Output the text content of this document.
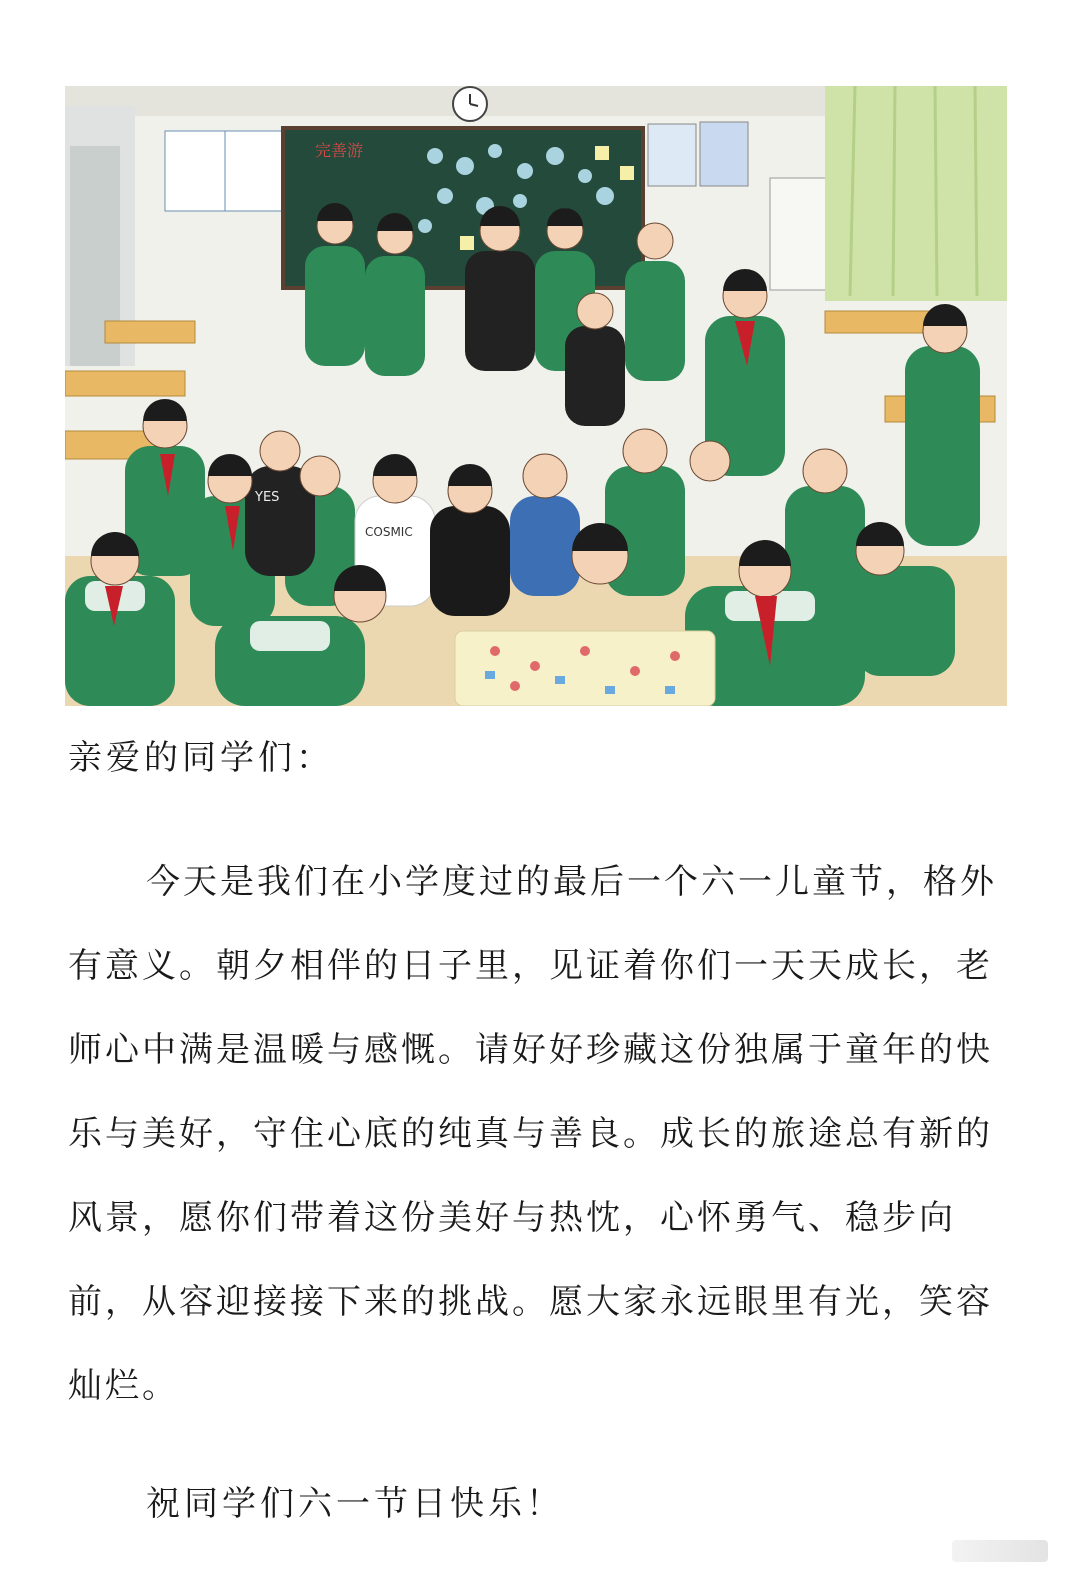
完善游
COSMIC
YES

亲爱的同学们：

今天是我们在小学度过的最后一个六一儿童节，格外有意义。朝夕相伴的日子里，见证着你们一天天成长，老师心中满是温暖与感慨。请好好珍藏这份独属于童年的快乐与美好，守住心底的纯真与善良。成长的旅途总有新的风景，愿你们带着这份美好与热忱，心怀勇气、稳步向前，从容迎接接下来的挑战。愿大家永远眼里有光，笑容灿烂。

祝同学们六一节日快乐！
